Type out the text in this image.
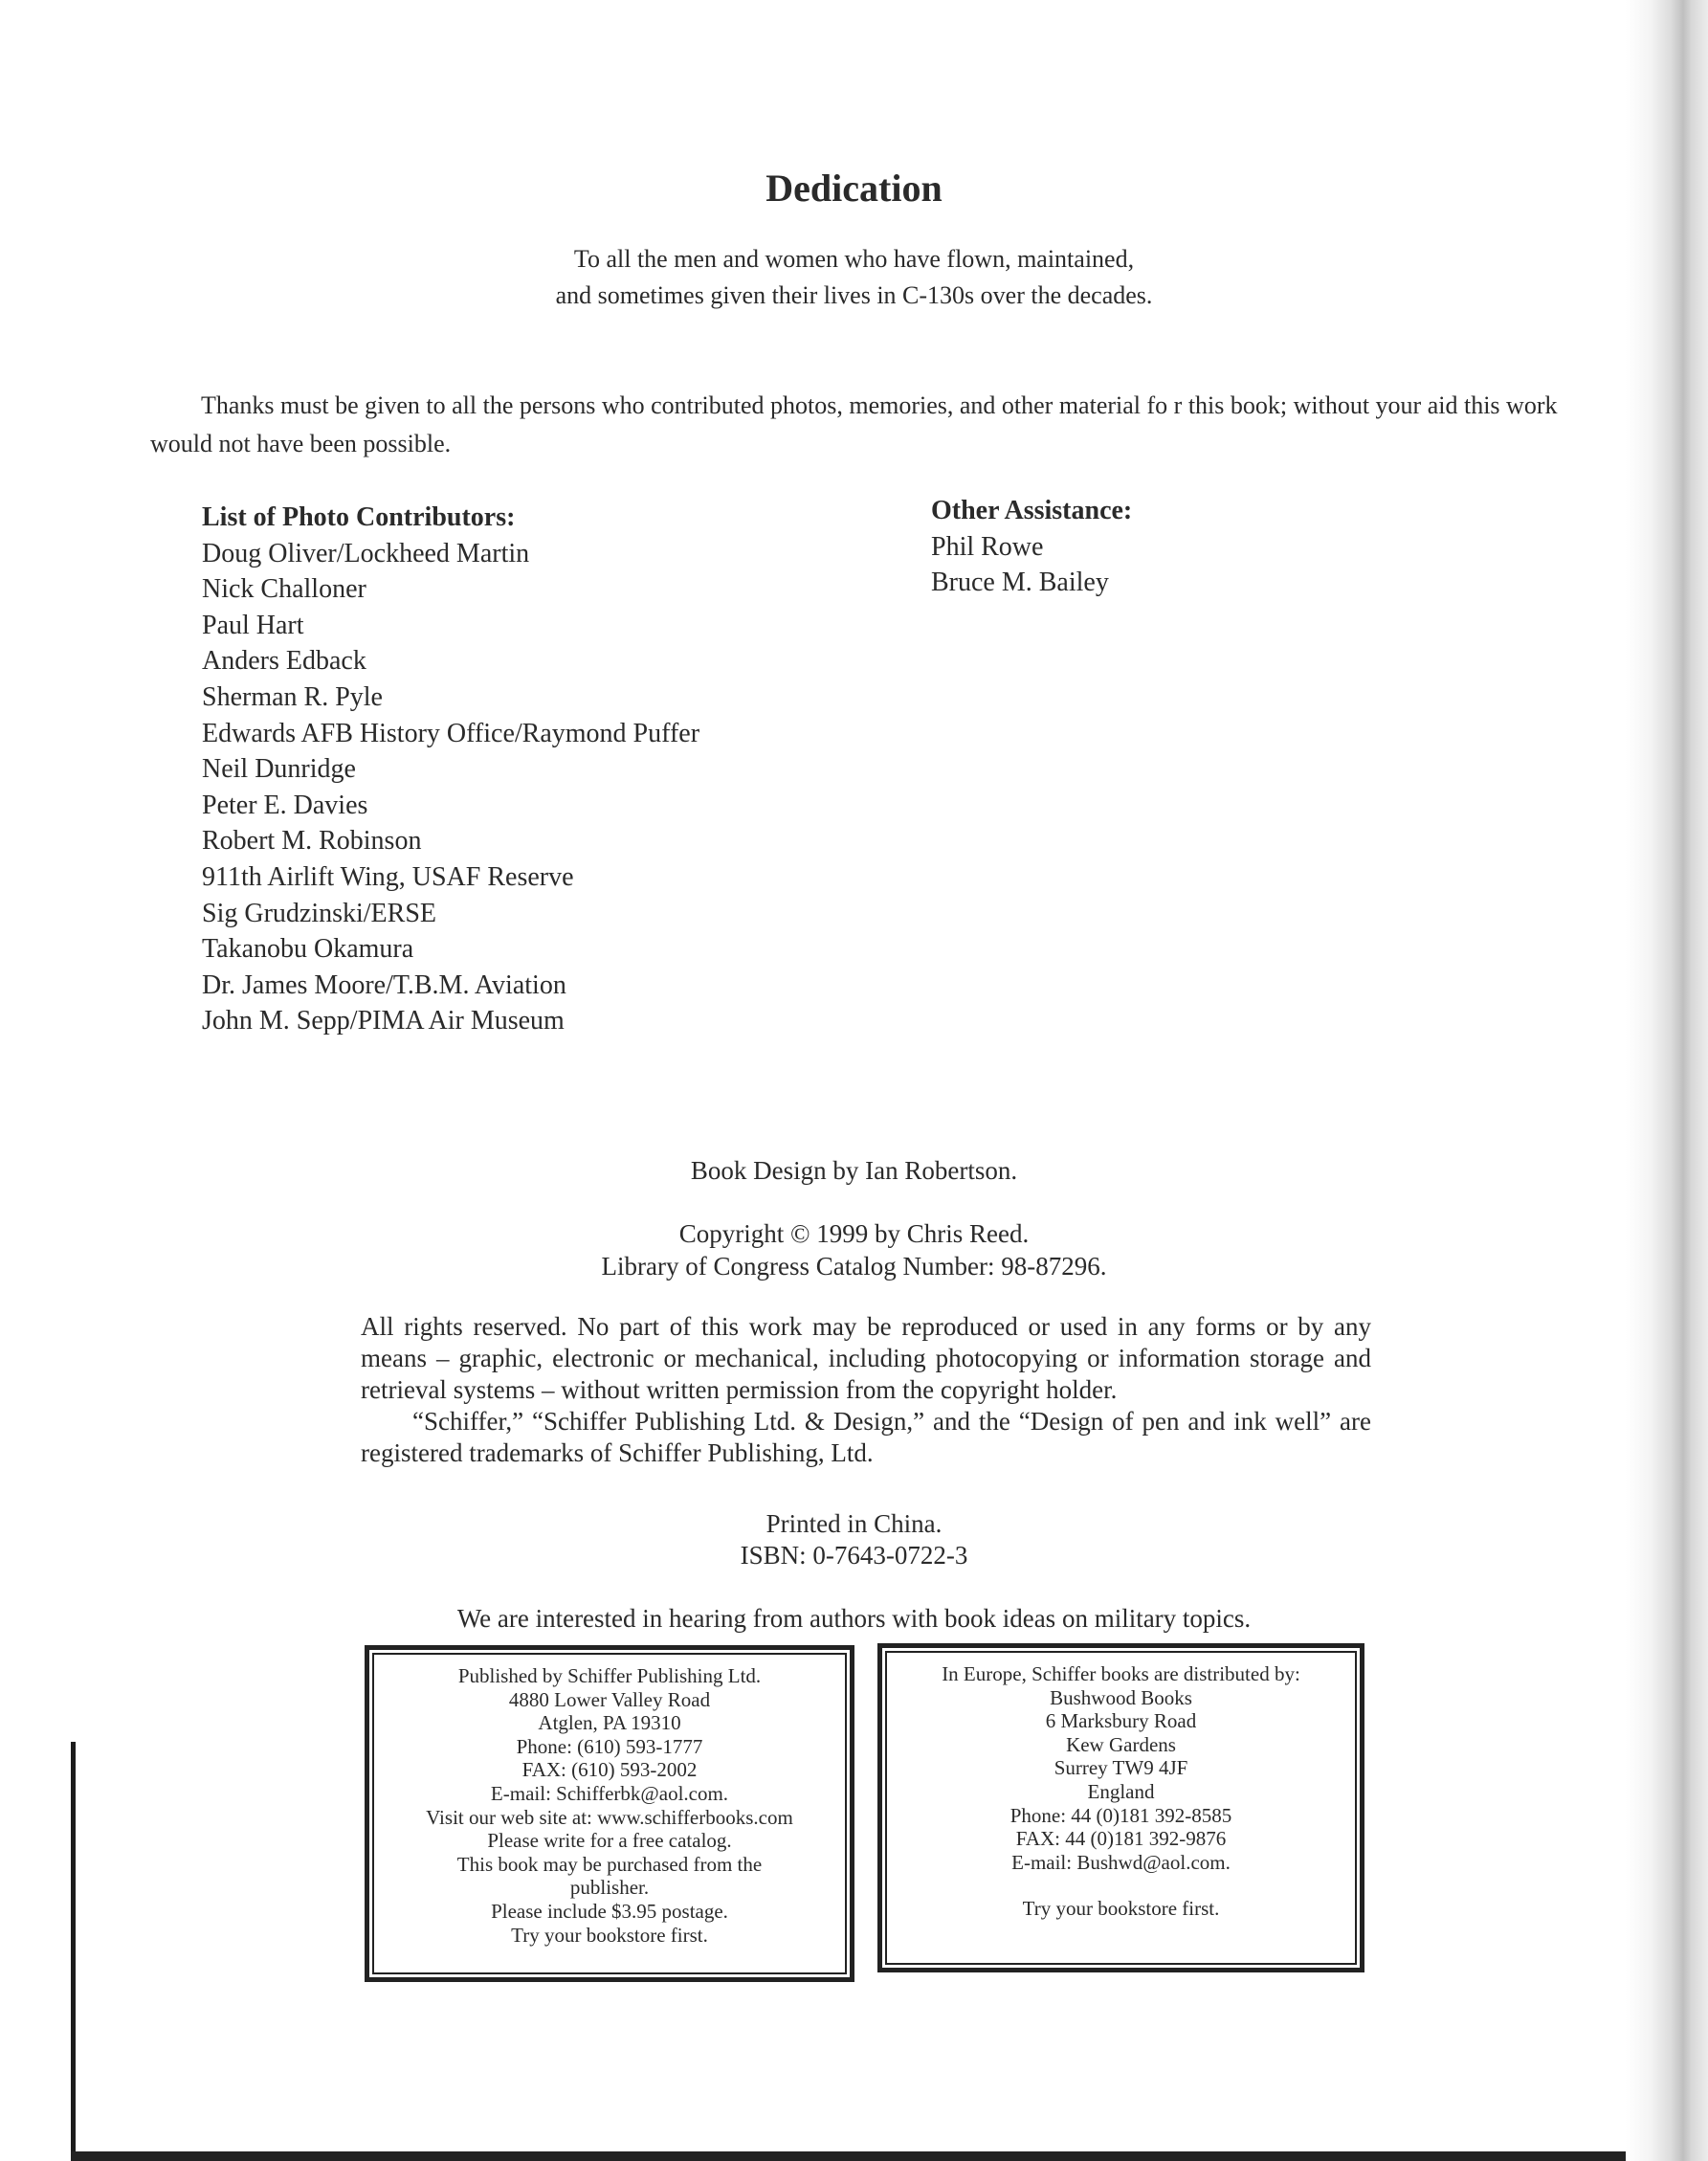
Dedication
To all the men and women who have flown, maintained,
and sometimes given their lives in C-130s over the decades.
Thanks must be given to all the persons who contributed photos, memories, and other material fo r this book; without your aid this work would not have been possible.
List of Photo Contributors:
Doug Oliver/Lockheed Martin
Nick Challoner
Paul Hart
Anders Edback
Sherman R. Pyle
Edwards AFB History Office/Raymond Puffer
Neil Dunridge
Peter E. Davies
Robert M. Robinson
911th Airlift Wing, USAF Reserve
Sig Grudzinski/ERSE
Takanobu Okamura
Dr. James Moore/T.B.M. Aviation
John M. Sepp/PIMA Air Museum
Other Assistance:
Phil Rowe
Bruce M. Bailey
Book Design by Ian Robertson.
Copyright © 1999 by Chris Reed.
Library of Congress Catalog Number: 98-87296.

All rights reserved. No part of this work may be reproduced or used in any forms or by any means – graphic, electronic or mechanical, including photocopying or information storage and retrieval systems – without written permission from the copyright holder.

“Schiffer,” “Schiffer Publishing Ltd. & Design,” and the “Design of pen and ink well” are registered trademarks of Schiffer Publishing, Ltd.

Printed in China.
ISBN: 0-7643-0722-3
We are interested in hearing from authors with book ideas on military topics.
Published by Schiffer Publishing Ltd.
4880 Lower Valley Road
Atglen, PA 19310
Phone: (610) 593-1777
FAX: (610) 593-2002
E-mail: Schifferbk@aol.com.
Visit our web site at: www.schifferbooks.com
Please write for a free catalog.
This book may be purchased from the
publisher.
Please include $3.95 postage.
Try your bookstore first.
In Europe, Schiffer books are distributed by:
Bushwood Books
6 Marksbury Road
Kew Gardens
Surrey TW9 4JF
England
Phone: 44 (0)181 392-8585
FAX: 44 (0)181 392-9876
E-mail: Bushwd@aol.com.
Try your bookstore first.
